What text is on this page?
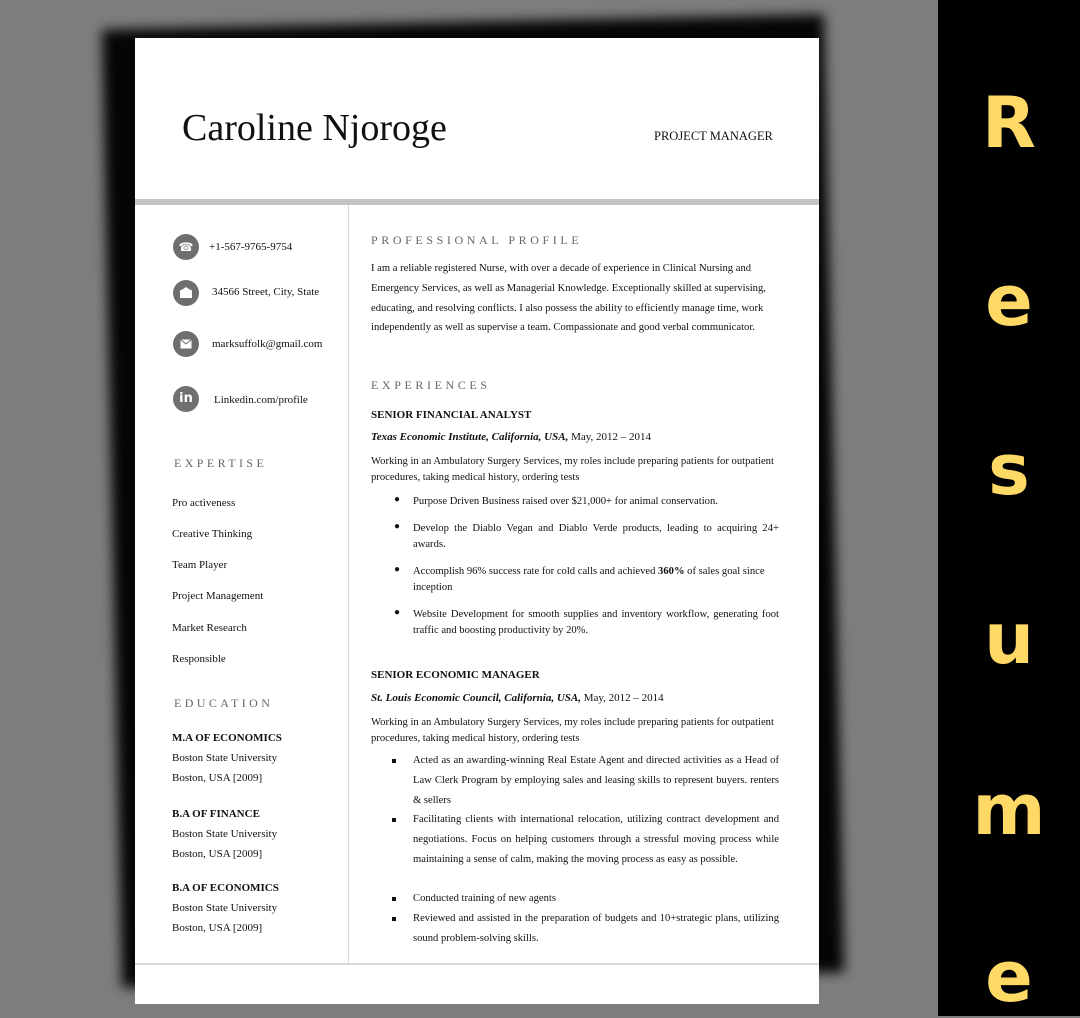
R
e
s
u
m
e
Caroline Njoroge	PROJECT MANAGER
☎	+1-567-9765-9754
34566 Street, City, State
marksuffolk@gmail.com
in	Linkedin.com/profile
EXPERTISE
Pro activeness
Creative Thinking
Team Player
Project Management
Market Research
Responsible
EDUCATION
M.A OF ECONOMICS
Boston State University
Boston, USA [2009]
B.A OF FINANCE
Boston State University
Boston, USA [2009]
B.A OF ECONOMICS
Boston State University
Boston, USA [2009]
PROFESSIONAL PROFILE
I am a reliable registered Nurse, with over a decade of experience in Clinical Nursing and Emergency Services, as well as Managerial Knowledge. Exceptionally skilled at supervising, educating, and resolving conflicts. I also possess the ability to efficiently manage time, work independently as well as supervise a team. Compassionate and good verbal communicator.
EXPERIENCES
SENIOR FINANCIAL ANALYST
Texas Economic Institute, California, USA, May, 2012 – 2014
Working in an Ambulatory Surgery Services, my roles include preparing patients for outpatient procedures, taking medical history, ordering tests
● Purpose Driven Business raised over $21,000+ for animal conservation.
● Develop the Diablo Vegan and Diablo Verde products, leading to acquiring 24+ awards.
● Accomplish 96% success rate for cold calls and achieved 360% of sales goal since inception
● Website Development for smooth supplies and inventory workflow, generating foot traffic and boosting productivity by 20%.
SENIOR ECONOMIC MANAGER
St. Louis Economic Council, California, USA, May, 2012 – 2014
Working in an Ambulatory Surgery Services, my roles include preparing patients for outpatient procedures, taking medical history, ordering tests
Acted as an awarding-winning Real Estate Agent and directed activities as a Head of Law Clerk Program by employing sales and leasing skills to represent buyers. renters & sellers
Facilitating clients with international relocation, utilizing contract development and negotiations. Focus on helping customers through a stressful moving process while maintaining a sense of calm, making the moving process as easy as possible.
Conducted training of new agents
Reviewed and assisted in the preparation of budgets and 10+strategic plans, utilizing sound problem-solving skills.
